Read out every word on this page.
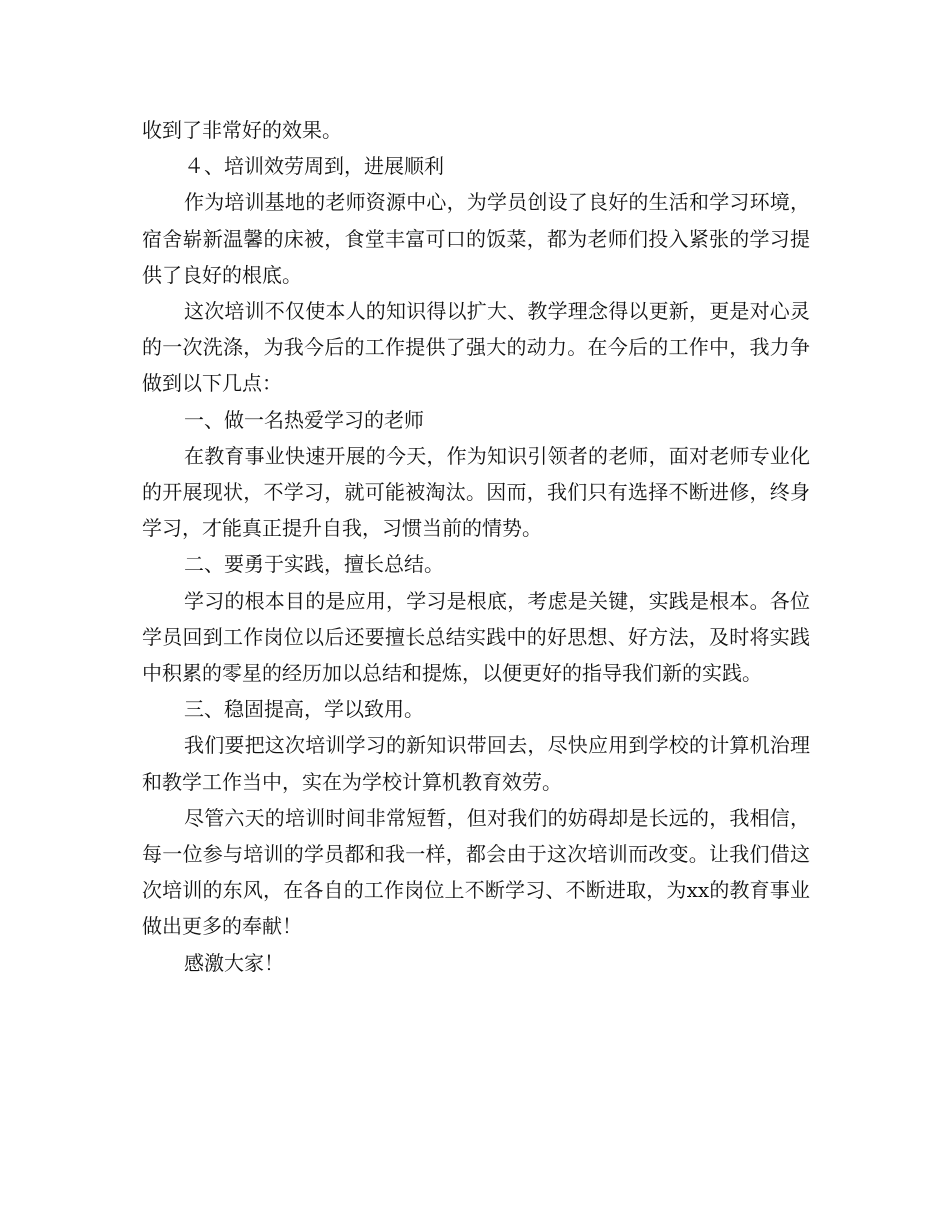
收到了非常好的效果。

４、培训效劳周到，进展顺利

作为培训基地的老师资源中心，为学员创设了良好的生活和学习环境，宿舍崭新温馨的床被，食堂丰富可口的饭菜，都为老师们投入紧张的学习提供了良好的根底。

这次培训不仅使本人的知识得以扩大、教学理念得以更新，更是对心灵的一次洗涤，为我今后的工作提供了强大的动力。在今后的工作中，我力争做到以下几点：

一、做一名热爱学习的老师

在教育事业快速开展的今天，作为知识引领者的老师，面对老师专业化的开展现状，不学习，就可能被淘汰。因而，我们只有选择不断进修，终身学习，才能真正提升自我，习惯当前的情势。

二、要勇于实践，擅长总结。

学习的根本目的是应用，学习是根底，考虑是关键，实践是根本。各位学员回到工作岗位以后还要擅长总结实践中的好思想、好方法，及时将实践中积累的零星的经历加以总结和提炼，以便更好的指导我们新的实践。

三、稳固提高，学以致用。

我们要把这次培训学习的新知识带回去，尽快应用到学校的计算机治理和教学工作当中，实在为学校计算机教育效劳。

尽管六天的培训时间非常短暂，但对我们的妨碍却是长远的，我相信，每一位参与培训的学员都和我一样，都会由于这次培训而改变。让我们借这次培训的东风，在各自的工作岗位上不断学习、不断进取，为xx的教育事业做出更多的奉献！

感激大家！
